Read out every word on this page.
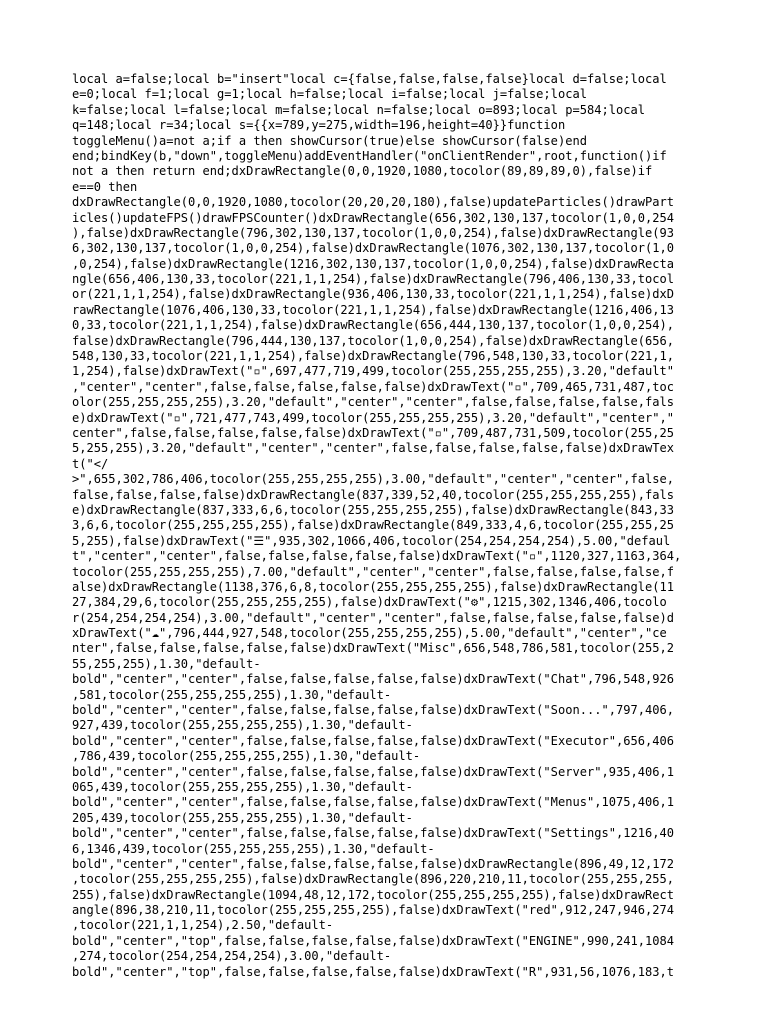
local a=false;local b="insert"local c={false,false,false,false}local d=false;local
e=0;local f=1;local g=1;local h=false;local i=false;local j=false;local
k=false;local l=false;local m=false;local n=false;local o=893;local p=584;local
q=148;local r=34;local s={{x=789,y=275,width=196,height=40}}function
toggleMenu()a=not a;if a then showCursor(true)else showCursor(false)end
end;bindKey(b,"down",toggleMenu)addEventHandler("onClientRender",root,function()if
not a then return end;dxDrawRectangle(0,0,1920,1080,tocolor(89,89,89,0),false)if
e==0 then
dxDrawRectangle(0,0,1920,1080,tocolor(20,20,20,180),false)updateParticles()drawPart
icles()updateFPS()drawFPSCounter()dxDrawRectangle(656,302,130,137,tocolor(1,0,0,254
),false)dxDrawRectangle(796,302,130,137,tocolor(1,0,0,254),false)dxDrawRectangle(93
6,302,130,137,tocolor(1,0,0,254),false)dxDrawRectangle(1076,302,130,137,tocolor(1,0
,0,254),false)dxDrawRectangle(1216,302,130,137,tocolor(1,0,0,254),false)dxDrawRecta
ngle(656,406,130,33,tocolor(221,1,1,254),false)dxDrawRectangle(796,406,130,33,tocol
or(221,1,1,254),false)dxDrawRectangle(936,406,130,33,tocolor(221,1,1,254),false)dxD
rawRectangle(1076,406,130,33,tocolor(221,1,1,254),false)dxDrawRectangle(1216,406,13
0,33,tocolor(221,1,1,254),false)dxDrawRectangle(656,444,130,137,tocolor(1,0,0,254),
false)dxDrawRectangle(796,444,130,137,tocolor(1,0,0,254),false)dxDrawRectangle(656,
548,130,33,tocolor(221,1,1,254),false)dxDrawRectangle(796,548,130,33,tocolor(221,1,
1,254),false)dxDrawText("▫",697,477,719,499,tocolor(255,255,255,255),3.20,"default"
,"center","center",false,false,false,false,false)dxDrawText("▫",709,465,731,487,toc
olor(255,255,255,255),3.20,"default","center","center",false,false,false,false,fals
e)dxDrawText("▫",721,477,743,499,tocolor(255,255,255,255),3.20,"default","center","
center",false,false,false,false,false)dxDrawText("▫",709,487,731,509,tocolor(255,25
5,255,255),3.20,"default","center","center",false,false,false,false,false)dxDrawTex
t("</
>",655,302,786,406,tocolor(255,255,255,255),3.00,"default","center","center",false,
false,false,false,false)dxDrawRectangle(837,339,52,40,tocolor(255,255,255,255),fals
e)dxDrawRectangle(837,333,6,6,tocolor(255,255,255,255),false)dxDrawRectangle(843,33
3,6,6,tocolor(255,255,255,255),false)dxDrawRectangle(849,333,4,6,tocolor(255,255,25
5,255),false)dxDrawText("☰",935,302,1066,406,tocolor(254,254,254,254),5.00,"defaul
t","center","center",false,false,false,false,false)dxDrawText("▫",1120,327,1163,364,
tocolor(255,255,255,255),7.00,"default","center","center",false,false,false,false,f
alse)dxDrawRectangle(1138,376,6,8,tocolor(255,255,255,255),false)dxDrawRectangle(11
27,384,29,6,tocolor(255,255,255,255),false)dxDrawText("⚙",1215,302,1346,406,tocolo
r(254,254,254,254),3.00,"default","center","center",false,false,false,false,false)d
xDrawText("☁",796,444,927,548,tocolor(255,255,255,255),5.00,"default","center","ce
nter",false,false,false,false,false)dxDrawText("Misc",656,548,786,581,tocolor(255,2
55,255,255),1.30,"default-
bold","center","center",false,false,false,false,false)dxDrawText("Chat",796,548,926
,581,tocolor(255,255,255,255),1.30,"default-
bold","center","center",false,false,false,false,false)dxDrawText("Soon...",797,406,
927,439,tocolor(255,255,255,255),1.30,"default-
bold","center","center",false,false,false,false,false)dxDrawText("Executor",656,406
,786,439,tocolor(255,255,255,255),1.30,"default-
bold","center","center",false,false,false,false,false)dxDrawText("Server",935,406,1
065,439,tocolor(255,255,255,255),1.30,"default-
bold","center","center",false,false,false,false,false)dxDrawText("Menus",1075,406,1
205,439,tocolor(255,255,255,255),1.30,"default-
bold","center","center",false,false,false,false,false)dxDrawText("Settings",1216,40
6,1346,439,tocolor(255,255,255,255),1.30,"default-
bold","center","center",false,false,false,false,false)dxDrawRectangle(896,49,12,172
,tocolor(255,255,255,255),false)dxDrawRectangle(896,220,210,11,tocolor(255,255,255,
255),false)dxDrawRectangle(1094,48,12,172,tocolor(255,255,255,255),false)dxDrawRect
angle(896,38,210,11,tocolor(255,255,255,255),false)dxDrawText("red",912,247,946,274
,tocolor(221,1,1,254),2.50,"default-
bold","center","top",false,false,false,false,false)dxDrawText("ENGINE",990,241,1084
,274,tocolor(254,254,254,254),3.00,"default-
bold","center","top",false,false,false,false,false)dxDrawText("R",931,56,1076,183,t
